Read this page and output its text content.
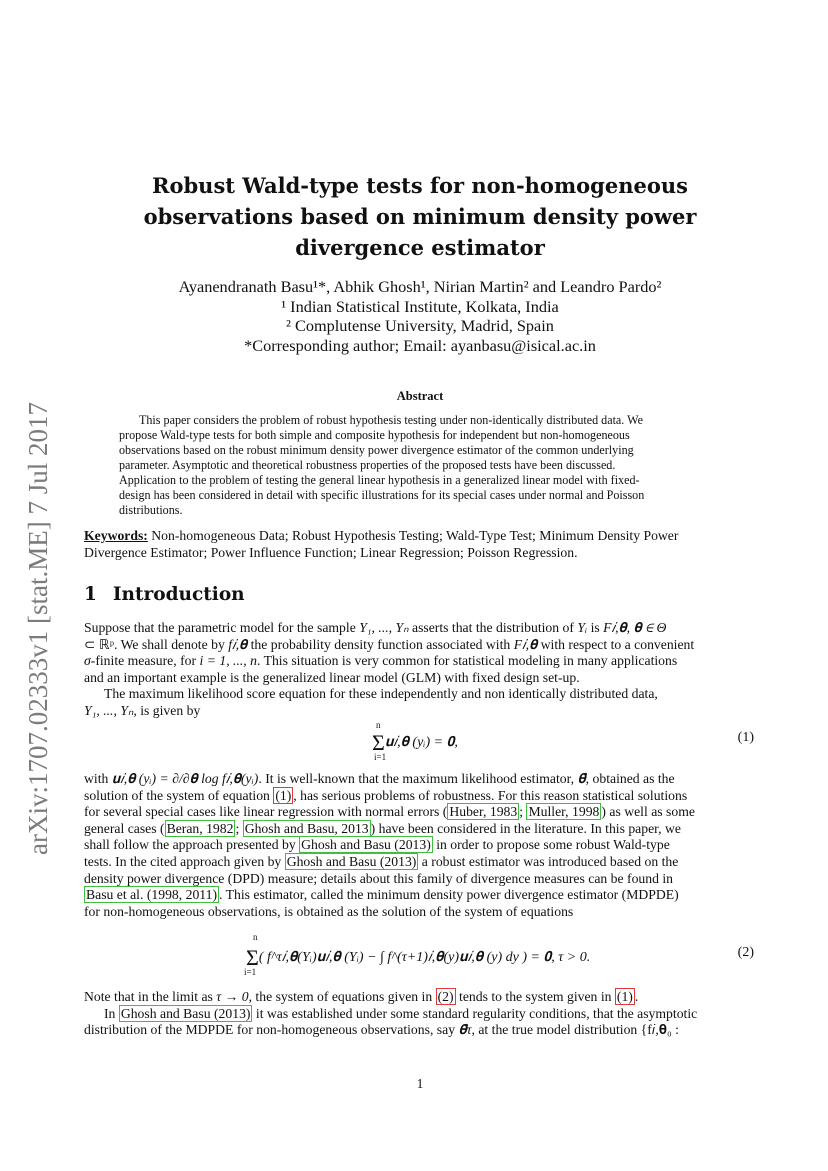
arXiv:1707.02333v1 [stat.ME] 7 Jul 2017
Robust Wald-type tests for non-homogeneous
observations based on minimum density power
divergence estimator
Ayanendranath Basu¹*, Abhik Ghosh¹, Nirian Martin² and Leandro Pardo²
¹ Indian Statistical Institute, Kolkata, India
² Complutense University, Madrid, Spain
*Corresponding author; Email: ayanbasu@isical.ac.in
Abstract
This paper considers the problem of robust hypothesis testing under non-identically distributed data. We
propose Wald-type tests for both simple and composite hypothesis for independent but non-homogeneous
observations based on the robust minimum density power divergence estimator of the common underlying
parameter. Asymptotic and theoretical robustness properties of the proposed tests have been discussed.
Application to the problem of testing the general linear hypothesis in a generalized linear model with fixed-
design has been considered in detail with specific illustrations for its special cases under normal and Poisson
distributions.
Keywords: Non-homogeneous Data; Robust Hypothesis Testing; Wald-Type Test; Minimum Density Power
Divergence Estimator; Power Influence Function; Linear Regression; Poisson Regression.
1 Introduction
Suppose that the parametric model for the sample Y₁, ..., Yₙ asserts that the distribution of Yᵢ is F𝑖,𝛉, 𝛉 ∈ Θ
⊂ ℝᵖ. We shall denote by f𝑖,𝛉 the probability density function associated with F𝑖,𝛉 with respect to a convenient
σ-finite measure, for i = 1, ..., n. This situation is very common for statistical modeling in many applications
and an important example is the generalized linear model (GLM) with fixed design set-up.
The maximum likelihood score equation for these independently and non identically distributed data,
Y₁, ..., Yₙ, is given by
n
i=1
Σ𝐮𝑖,𝛉 (yᵢ) = 𝟎,	(1)
with 𝐮𝑖,𝛉 (yᵢ) = ∂/∂𝛉 log f𝑖,𝛉(yᵢ). It is well-known that the maximum likelihood estimator, 𝛉̂, obtained as the
solution of the system of equation (1) , has serious problems of robustness. For this reason statistical solutions
for several special cases like linear regression with normal errors ( Huber, 1983 ; Muller, 1998 ) as well as some
general cases ( Beran, 1982 ; Ghosh and Basu, 2013 ) have been considered in the literature. In this paper, we
shall follow the approach presented by Ghosh and Basu (2013) in order to propose some robust Wald-type
tests. In the cited approach given by Ghosh and Basu (2013) a robust estimator was introduced based on the
density power divergence (DPD) measure; details about this family of divergence measures can be found in
Basu et al. (1998, 2011) . This estimator, called the minimum density power divergence estimator (MDPDE)
for non-homogeneous observations, is obtained as the solution of the system of equations
n
i=1
Σ( f^τ𝑖,𝛉(Yᵢ)𝐮𝑖,𝛉 (Yᵢ) − ∫ f^(τ+1)𝑖,𝛉(y)𝐮𝑖,𝛉 (y) dy ) = 𝟎, τ > 0.	(2)
Note that in the limit as τ → 0, the system of equations given in (2) tends to the system given in (1) .
In Ghosh and Basu (2013) it was established under some standard regularity conditions, that the asymptotic
distribution of the MDPDE for non-homogeneous observations, say 𝛉̂τ, at the true model distribution {f𝑖,𝛉₀ :
1
